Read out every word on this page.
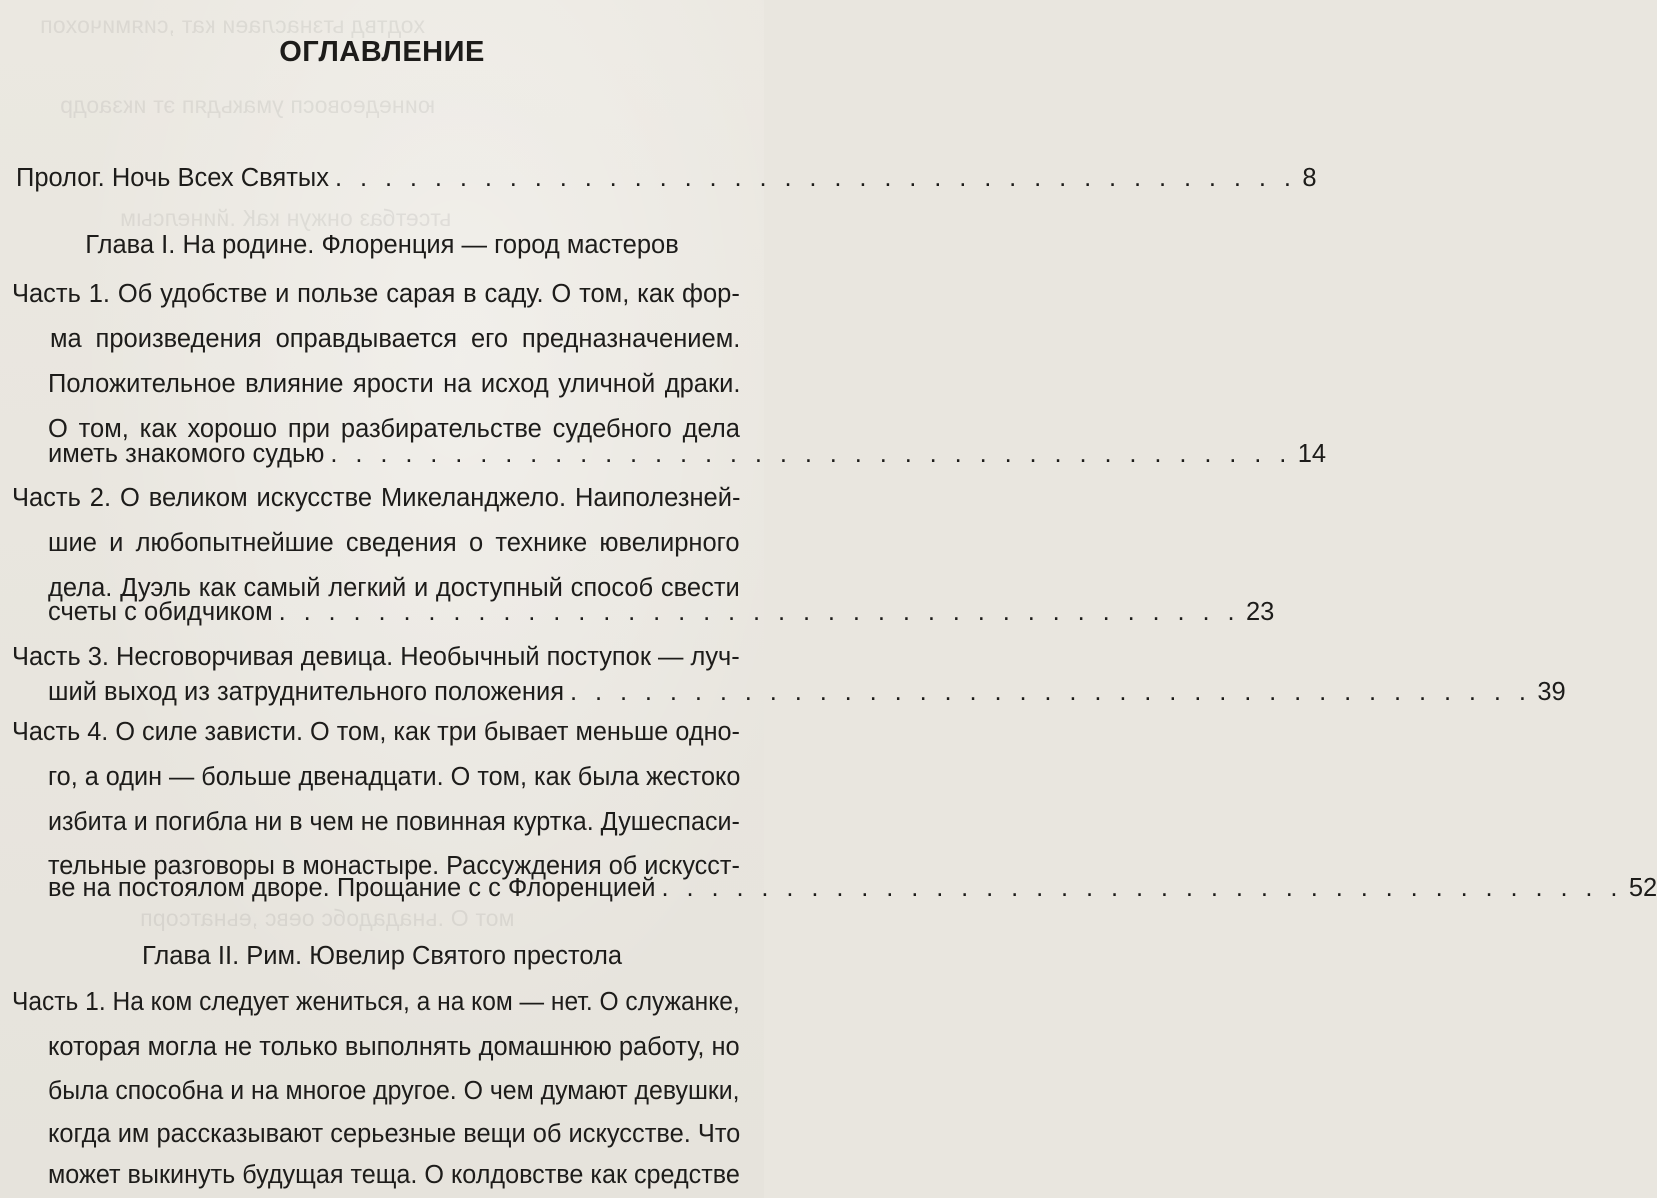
ходтвд ьтзнаслаеи кат ,сиямичохоп
юинедеовосп умакьдяп эт икзаодр
ьтсетбаз онжун каК .йинелсым
мот О .ьнададобс оевс ,еьнатсорп
ОГЛАВЛЕНИЕ
Пролог. Ночь Всех Святых . . . . . . . . . . . . . . . . . . . . . . . . . . . . . . . . . . . . . . . 8
Глава I. На родине. Флоренция — город мастеров
Часть 1. Об удобстве и пользе сарая в саду. О том, как фор-
ма произведения оправдывается его предназначением.
Положительное влияние ярости на исход уличной драки.
О том, как хорошо при разбирательстве судебного дела
иметь знакомого судью . . . . . . . . . . . . . . . . . . . . . . . . . . . . . . . . . . . . . . . 14
Часть 2. О великом искусстве Микеланджело. Наиполезней-
шие и любопытнейшие сведения о технике ювелирного
дела. Дуэль как самый легкий и доступный способ свести
счеты с обидчиком . . . . . . . . . . . . . . . . . . . . . . . . . . . . . . . . . . . . . . . 23
Часть 3. Несговорчивая девица. Необычный поступок — луч-
ший выход из затруднительного положения . . . . . . . . . . . . . . . . . . . . . . . . . . . . . . . . . . . . . . . 39
Часть 4. О силе зависти. О том, как три бывает меньше одно-
го, а один — больше двенадцати. О том, как была жестоко
избита и погибла ни в чем не повинная куртка. Душеспаси-
тельные разговоры в монастыре. Рассуждения об искусст-
ве на постоялом дворе. Прощание с с Флоренцией . . . . . . . . . . . . . . . . . . . . . . . . . . . . . . . . . . . . . . . 52
Глава II. Рим. Ювелир Святого престола
Часть 1. На ком следует жениться, а на ком — нет. О служанке,
которая могла не только выполнять домашнюю работу, но
была способна и на многое другое. О чем думают девушки,
когда им рассказывают серьезные вещи об искусстве. Что
может выкинуть будущая теща. О колдовстве как средстве
